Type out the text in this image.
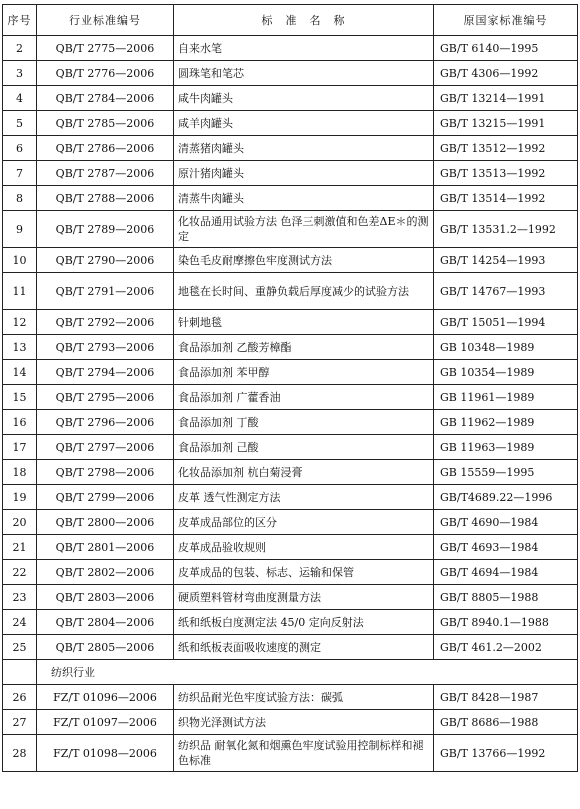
序号	行业标准编号	标　准　名　称	原国家标准编号
2	QB/T 2775—2006	自来水笔	GB/T 6140—1995
3	QB/T 2776—2006	圆珠笔和笔芯	GB/T 4306—1992
4	QB/T 2784—2006	咸牛肉罐头	GB/T 13214—1991
5	QB/T 2785—2006	咸羊肉罐头	GB/T 13215—1991
6	QB/T 2786—2006	清蒸猪肉罐头	GB/T 13512—1992
7	QB/T 2787—2006	原汁猪肉罐头	GB/T 13513—1992
8	QB/T 2788—2006	清蒸牛肉罐头	GB/T 13514—1992
9	QB/T 2789—2006	化妆品通用试验方法 色泽三刺激值和色差ΔE＊的测定	GB/T 13531.2—1992
10	QB/T 2790—2006	染色毛皮耐摩擦色牢度测试方法	GB/T 14254—1993
11	QB/T 2791—2006	地毯在长时间、重静负载后厚度减少的试验方法	GB/T 14767—1993
12	QB/T 2792—2006	针刺地毯	GB/T 15051—1994
13	QB/T 2793—2006	食品添加剂 乙酸芳樟酯	GB 10348—1989
14	QB/T 2794—2006	食品添加剂 苯甲醇	GB 10354—1989
15	QB/T 2795—2006	食品添加剂 广藿香油	GB 11961—1989
16	QB/T 2796—2006	食品添加剂 丁酸	GB 11962—1989
17	QB/T 2797—2006	食品添加剂 己酸	GB 11963—1989
18	QB/T 2798—2006	化妆品添加剂 杭白菊浸膏	GB 15559—1995
19	QB/T 2799—2006	皮革 透气性测定方法	GB/T4689.22—1996
20	QB/T 2800—2006	皮革成品部位的区分	GB/T 4690—1984
21	QB/T 2801—2006	皮革成品验收规则	GB/T 4693—1984
22	QB/T 2802—2006	皮革成品的包装、标志、运输和保管	GB/T 4694—1984
23	QB/T 2803—2006	硬质塑料管材弯曲度测量方法	GB/T 8805—1988
24	QB/T 2804—2006	纸和纸板白度测定法 45/0 定向反射法	GB/T 8940.1—1988
25	QB/T 2805—2006	纸和纸板表面吸收速度的测定	GB/T 461.2—2002
	纺织行业		
26	FZ/T 01096—2006	纺织品耐光色牢度试验方法：碳弧	GB/T 8428—1987
27	FZ/T 01097—2006	织物光泽测试方法	GB/T 8686—1988
28	FZ/T 01098—2006	纺织品 耐氧化氮和烟熏色牢度试验用控制标样和褪色标准	GB/T 13766—1992
